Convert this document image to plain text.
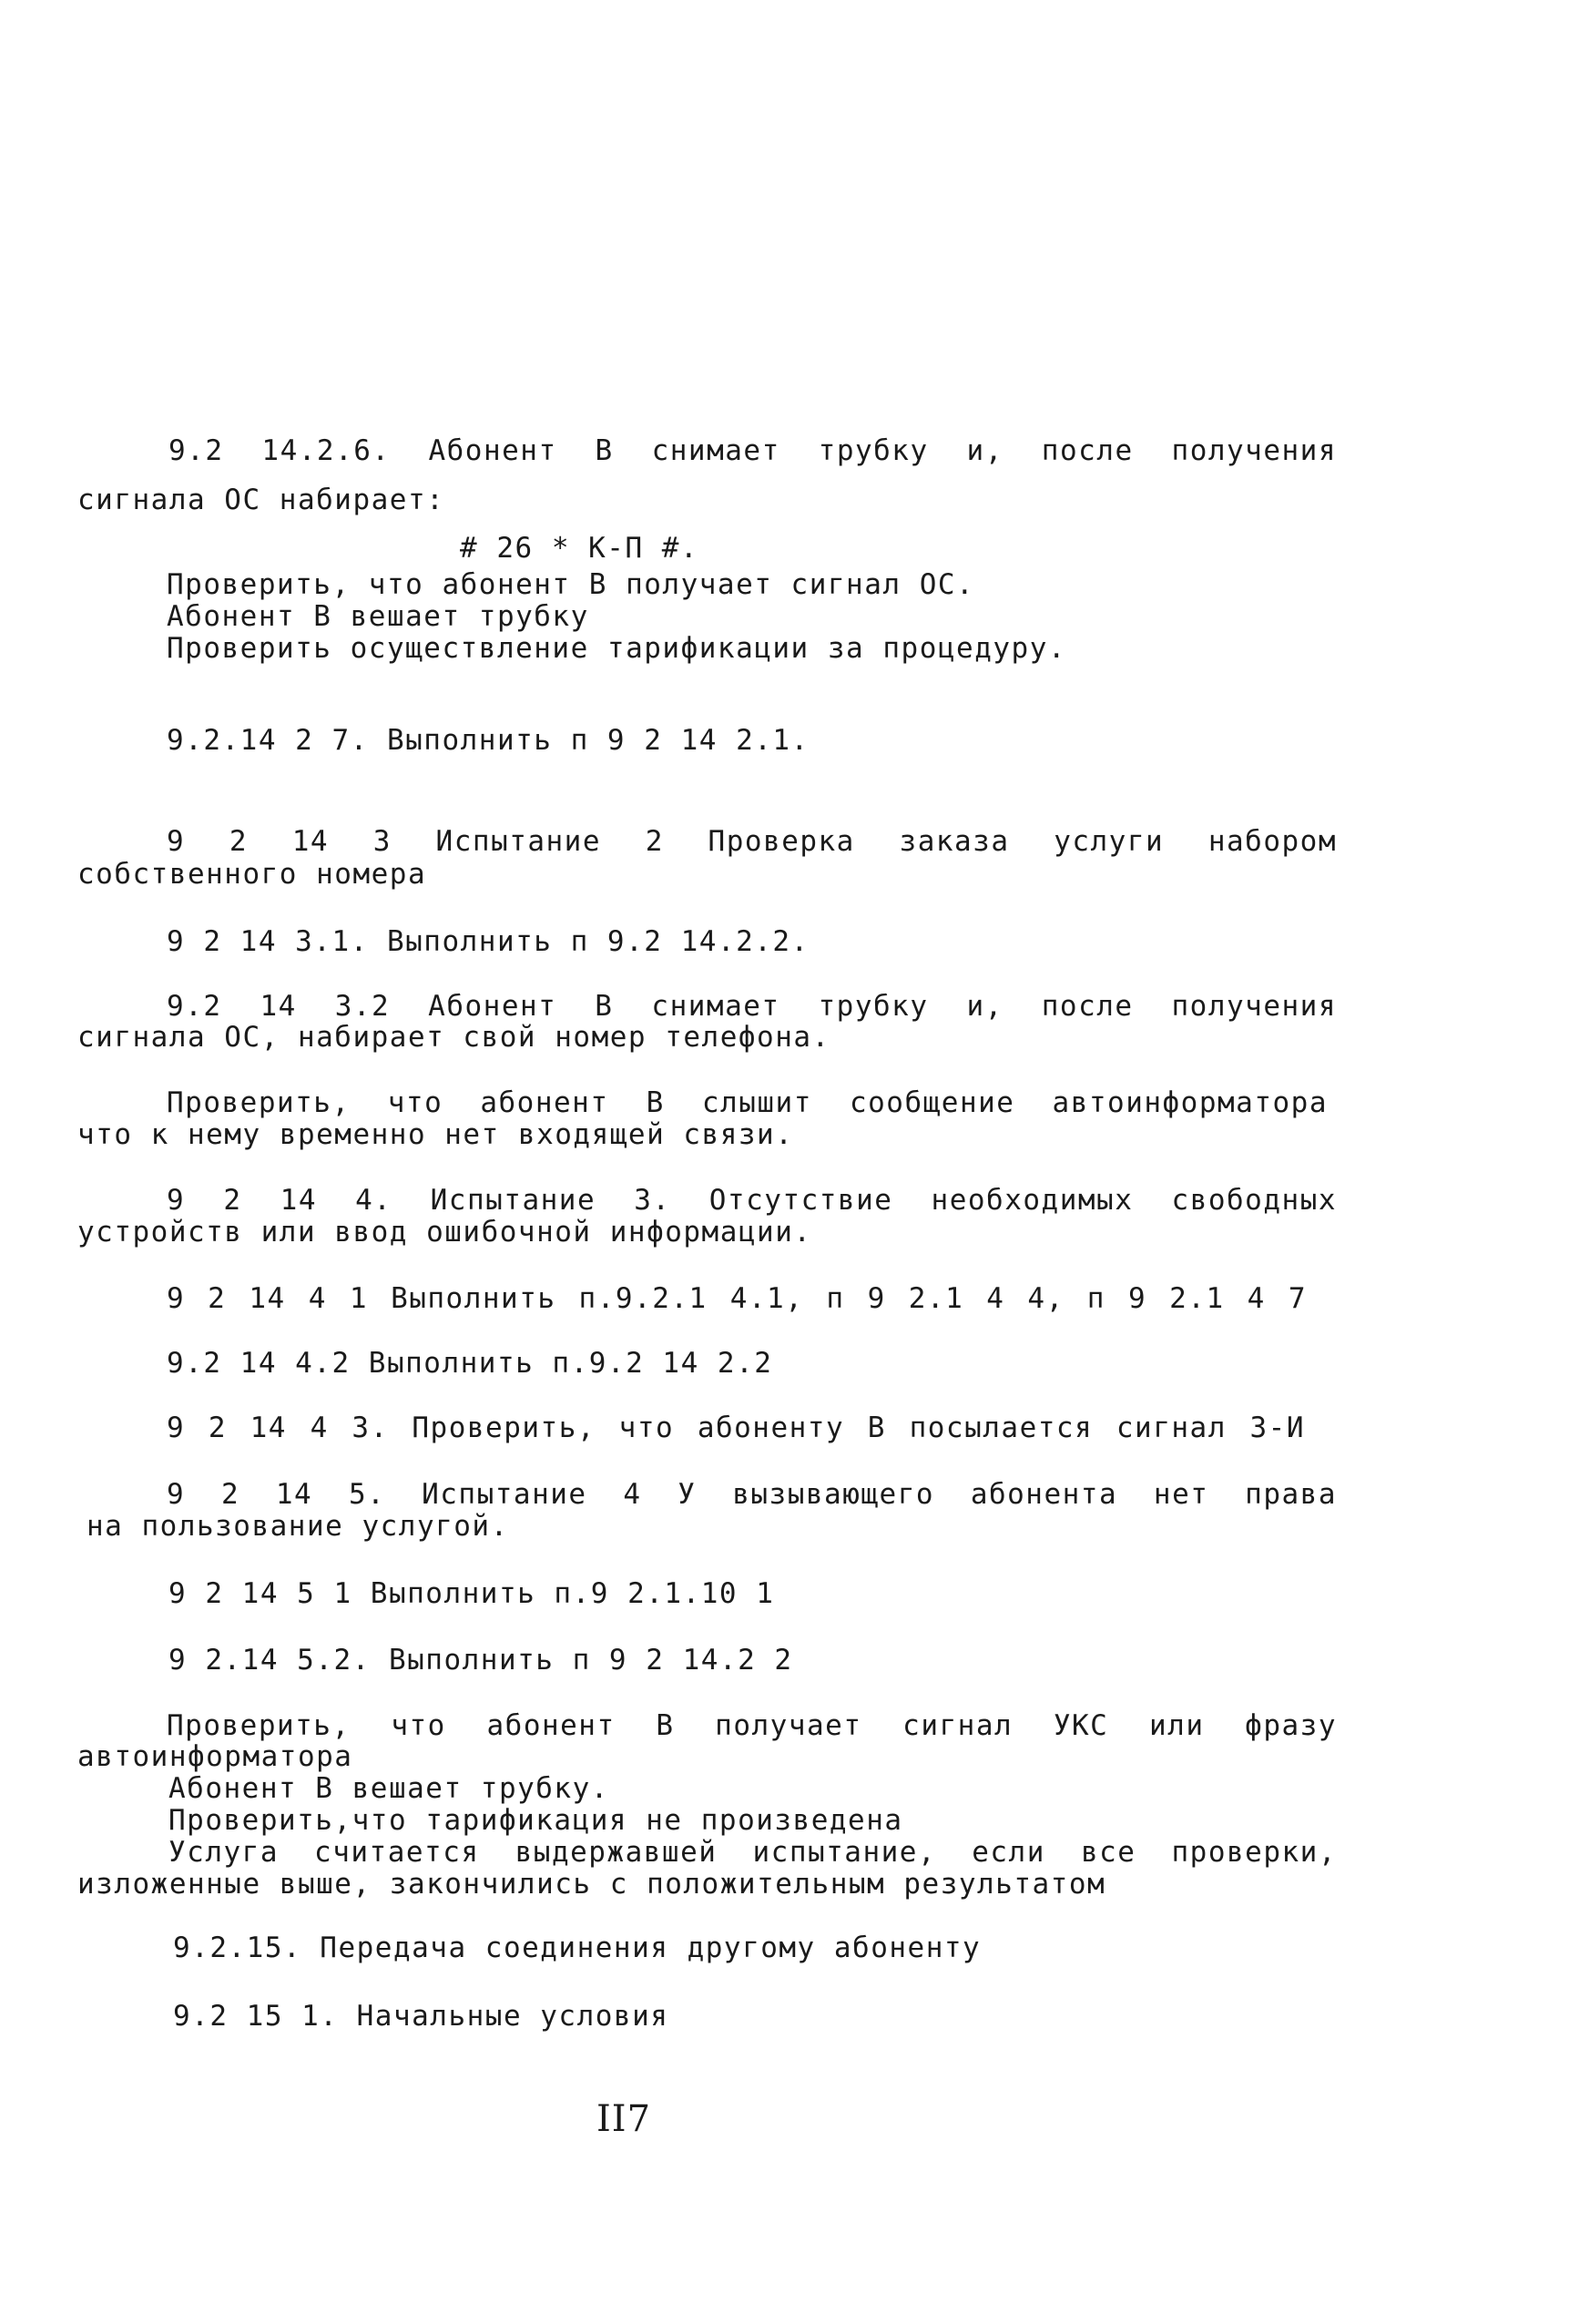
9.2 14.2.6. Абонент В снимает трубку и, после получения
сигнала ОС набирает:
# 26 * К-П #.
Проверить, что абонент В получает сигнал ОС.
Абонент В вешает трубку
Проверить осуществление тарификации за процедуру.
9.2.14 2 7. Выполнить п 9 2 14 2.1.
9 2 14 3 Испытание 2 Проверка заказа услуги набором
собственного номера
9 2 14 3.1. Выполнить п 9.2 14.2.2.
9.2 14 3.2 Абонент В снимает трубку и, после получения
сигнала ОС, набирает свой номер телефона.
Проверить, что абонент В слышит сообщение автоинформатора
что к нему временно нет входящей связи.
9 2 14 4. Испытание 3. Отсутствие необходимых свободных
устройств или ввод ошибочной информации.
9 2 14 4 1 Выполнить п.9.2.1 4.1, п 9 2.1 4 4, п 9 2.1 4 7
9.2 14 4.2 Выполнить п.9.2 14 2.2
9 2 14 4 3. Проверить, что абоненту В посылается сигнал З-И
9 2 14 5. Испытание 4 У вызывающего абонента нет права
на пользование услугой.
9 2 14 5 1 Выполнить п.9 2.1.10 1
9 2.14 5.2. Выполнить п 9 2 14.2 2
Проверить, что абонент В получает сигнал УКС или фразу
автоинформатора
Абонент В вешает трубку.
Проверить,что тарификация не произведена
Услуга считается выдержавшей испытание, если все проверки,
изложенные выше, закончились с положительным результатом
9.2.15. Передача соединения другому абоненту
9.2 15 1. Начальные условия
II7
